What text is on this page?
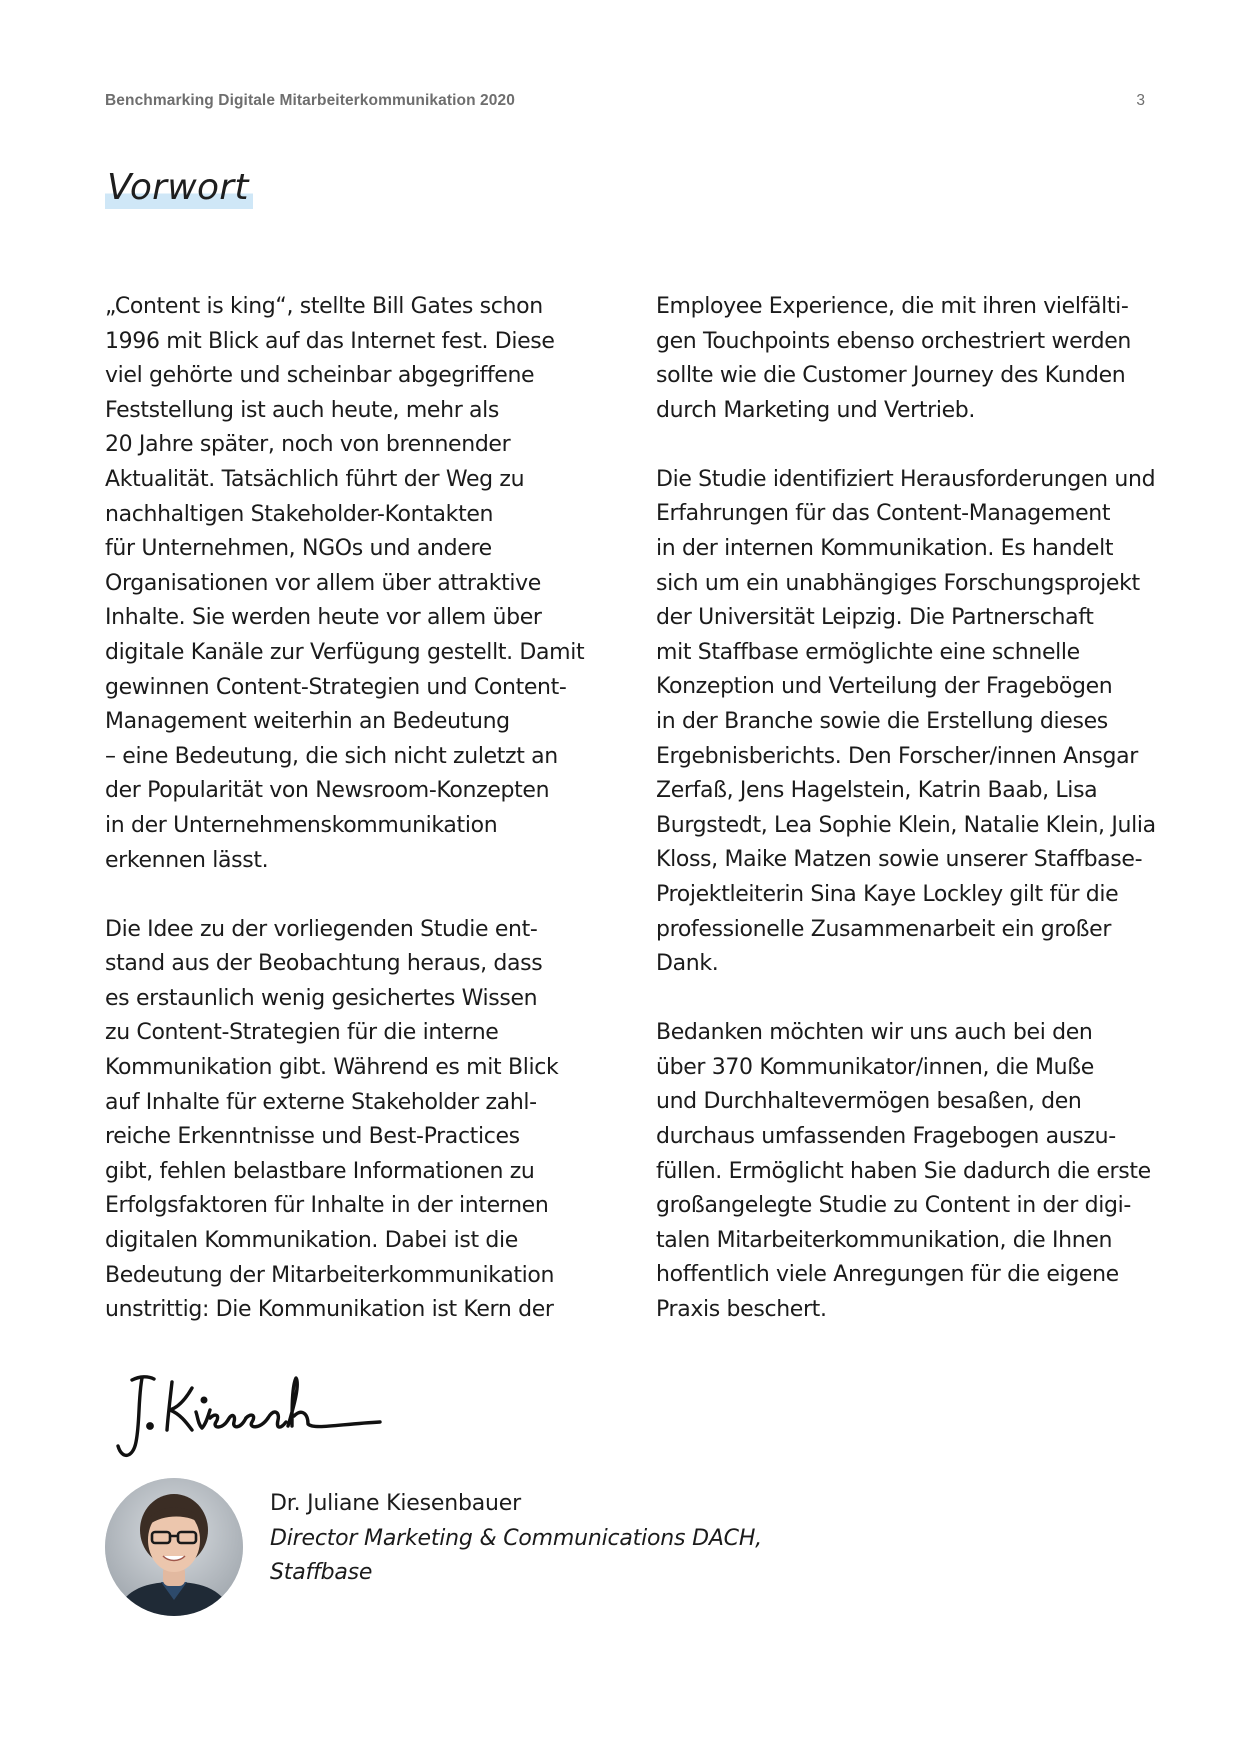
Benchmarking Digitale Mitarbeiterkommunikation 2020	3
Vorwort
„Content is king“, stellte Bill Gates schon
1996 mit Blick auf das Internet fest. Diese
viel gehörte und scheinbar abgegriffene
Feststellung ist auch heute, mehr als
20 Jahre später, noch von brennender
Aktualität. Tatsächlich führt der Weg zu
nachhaltigen Stakeholder-Kontakten
für Unternehmen, NGOs und andere
Organisationen vor allem über attraktive
Inhalte. Sie werden heute vor allem über
digitale Kanäle zur Verfügung gestellt. Damit
gewinnen Content-Strategien und Content-
Management weiterhin an Bedeutung
– eine Bedeutung, die sich nicht zuletzt an
der Popularität von Newsroom-Konzepten
in der Unternehmenskommunikation
erkennen lässt.
Die Idee zu der vorliegenden Studie ent-
stand aus der Beobachtung heraus, dass
es erstaunlich wenig gesichertes Wissen
zu Content-Strategien für die interne
Kommunikation gibt. Während es mit Blick
auf Inhalte für externe Stakeholder zahl-
reiche Erkenntnisse und Best-Practices
gibt, fehlen belastbare Informationen zu
Erfolgsfaktoren für Inhalte in der internen
digitalen Kommunikation. Dabei ist die
Bedeutung der Mitarbeiterkommunikation
unstrittig: Die Kommunikation ist Kern der
Employee Experience, die mit ihren vielfälti-
gen Touchpoints ebenso orchestriert werden
sollte wie die Customer Journey des Kunden
durch Marketing und Vertrieb.
Die Studie identifiziert Herausforderungen und
Erfahrungen für das Content-Management
in der internen Kommunikation. Es handelt
sich um ein unabhängiges Forschungsprojekt
der Universität Leipzig. Die Partnerschaft
mit Staffbase ermöglichte eine schnelle
Konzeption und Verteilung der Fragebögen
in der Branche sowie die Erstellung dieses
Ergebnisberichts. Den Forscher/innen Ansgar
Zerfaß, Jens Hagelstein, Katrin Baab, Lisa
Burgstedt, Lea Sophie Klein, Natalie Klein, Julia
Kloss, Maike Matzen sowie unserer Staffbase-
Projektleiterin Sina Kaye Lockley gilt für die
professionelle Zusammenarbeit ein großer
Dank.
Bedanken möchten wir uns auch bei den
über 370 Kommunikator/innen, die Muße
und Durchhaltevermögen besaßen, den
durchaus umfassenden Fragebogen auszu-
füllen. Ermöglicht haben Sie dadurch die erste
großangelegte Studie zu Content in der digi-
talen Mitarbeiterkommunikation, die Ihnen
hoffentlich viele Anregungen für die eigene
Praxis beschert.
Dr. Juliane Kiesenbauer
Director Marketing & Communications DACH,
Staffbase
